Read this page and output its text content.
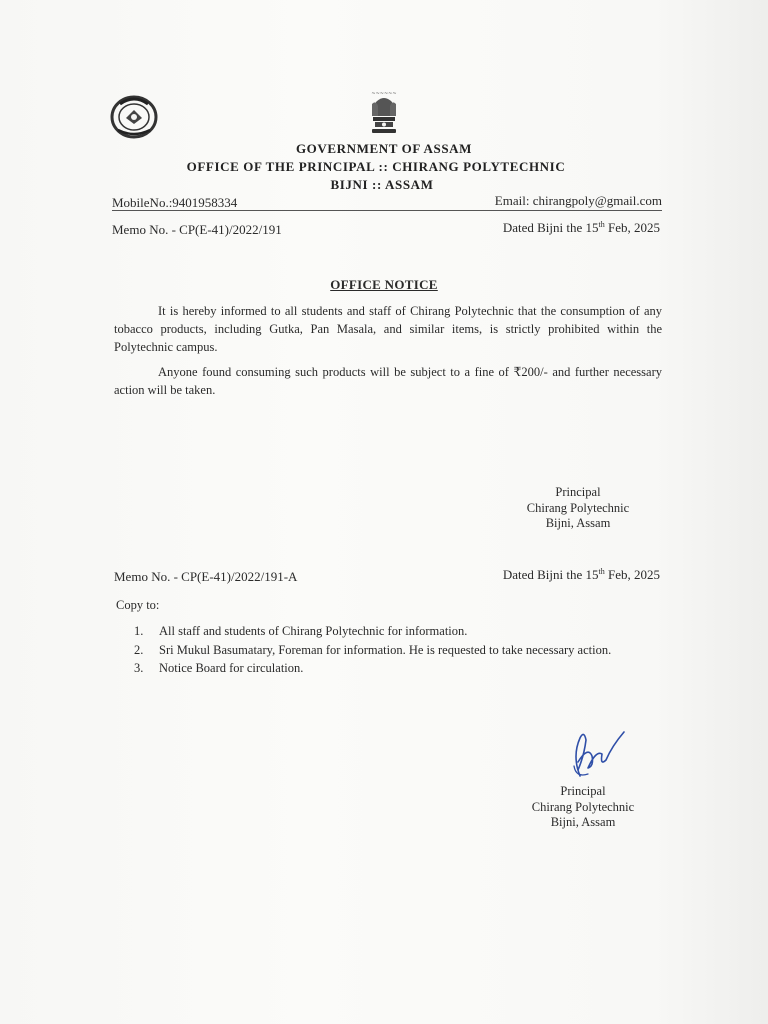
~~~~~~
GOVERNMENT OF ASSAM
OFFICE OF THE PRINCIPAL :: CHIRANG POLYTECHNIC
BIJNI :: ASSAM
MobileNo.:9401958334	Email: chirangpoly@gmail.com
Memo No. - CP(E-41)/2022/191	Dated Bijni the 15th Feb, 2025
OFFICE NOTICE
It is hereby informed to all students and staff of Chirang Polytechnic that the consumption of any tobacco products, including Gutka, Pan Masala, and similar items, is strictly prohibited within the Polytechnic campus.
Anyone found consuming such products will be subject to a fine of ₹200/- and further necessary action will be taken.
Principal
Chirang Polytechnic
Bijni, Assam
Memo No. - CP(E-41)/2022/191-A	Dated Bijni the 15th Feb, 2025
Copy to:
1.	All staff and students of Chirang Polytechnic for information.
2.	Sri Mukul Basumatary, Foreman for information. He is requested to take necessary action.
3.	Notice Board for circulation.
Principal
Chirang Polytechnic
Bijni, Assam
